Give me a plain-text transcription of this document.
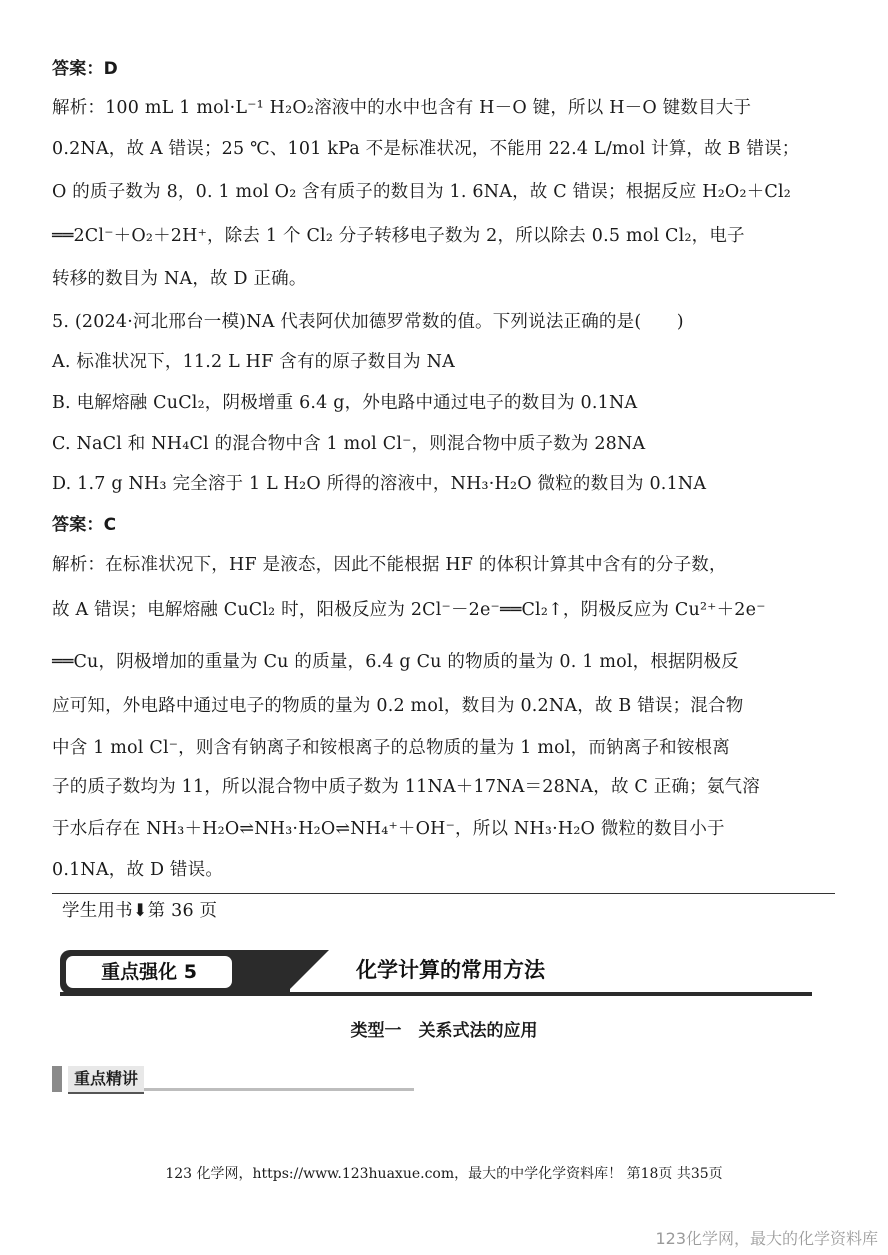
答案：D
解析：100 mL 1 mol·L⁻¹ H₂O₂溶液中的水中也含有 H－O 键，所以 H－O 键数目大于
0.2NA，故 A 错误；25 ℃、101 kPa 不是标准状况，不能用 22.4 L/mol 计算，故 B 错误；
O 的质子数为 8，0. 1 mol O₂ 含有质子的数目为 1. 6NA，故 C 错误；根据反应 H₂O₂＋Cl₂
══2Cl⁻＋O₂＋2H⁺，除去 1 个 Cl₂ 分子转移电子数为 2，所以除去 0.5 mol Cl₂，电子
转移的数目为 NA，故 D 正确。
5. (2024·河北邢台一模)NA 代表阿伏加德罗常数的值。下列说法正确的是(　　)
A. 标准状况下，11.2 L HF 含有的原子数目为 NA
B. 电解熔融 CuCl₂，阴极增重 6.4 g，外电路中通过电子的数目为 0.1NA
C. NaCl 和 NH₄Cl 的混合物中含 1 mol Cl⁻，则混合物中质子数为 28NA
D. 1.7 g NH₃ 完全溶于 1 L H₂O 所得的溶液中，NH₃·H₂O 微粒的数目为 0.1NA
答案：C
解析：在标准状况下，HF 是液态，因此不能根据 HF 的体积计算其中含有的分子数，
故 A 错误；电解熔融 CuCl₂ 时，阳极反应为 2Cl⁻－2e⁻══Cl₂↑，阴极反应为 Cu²⁺＋2e⁻
══Cu，阴极增加的重量为 Cu 的质量，6.4 g Cu 的物质的量为 0. 1 mol，根据阴极反
应可知，外电路中通过电子的物质的量为 0.2 mol，数目为 0.2NA，故 B 错误；混合物
中含 1 mol Cl⁻，则含有钠离子和铵根离子的总物质的量为 1 mol，而钠离子和铵根离
子的质子数均为 11，所以混合物中质子数为 11NA＋17NA＝28NA，故 C 正确；氨气溶
于水后存在 NH₃＋H₂O⇌NH₃·H₂O⇌NH₄⁺＋OH⁻，所以 NH₃·H₂O 微粒的数目小于
0.1NA，故 D 错误。
学生用书⬇第 36 页
重点强化 5	化学计算的常用方法
类型一　关系式法的应用
重点精讲
123 化学网，https://www.123huaxue.com，最大的中学化学资料库！ 第18页 共35页
123化学网，最大的化学资料库
